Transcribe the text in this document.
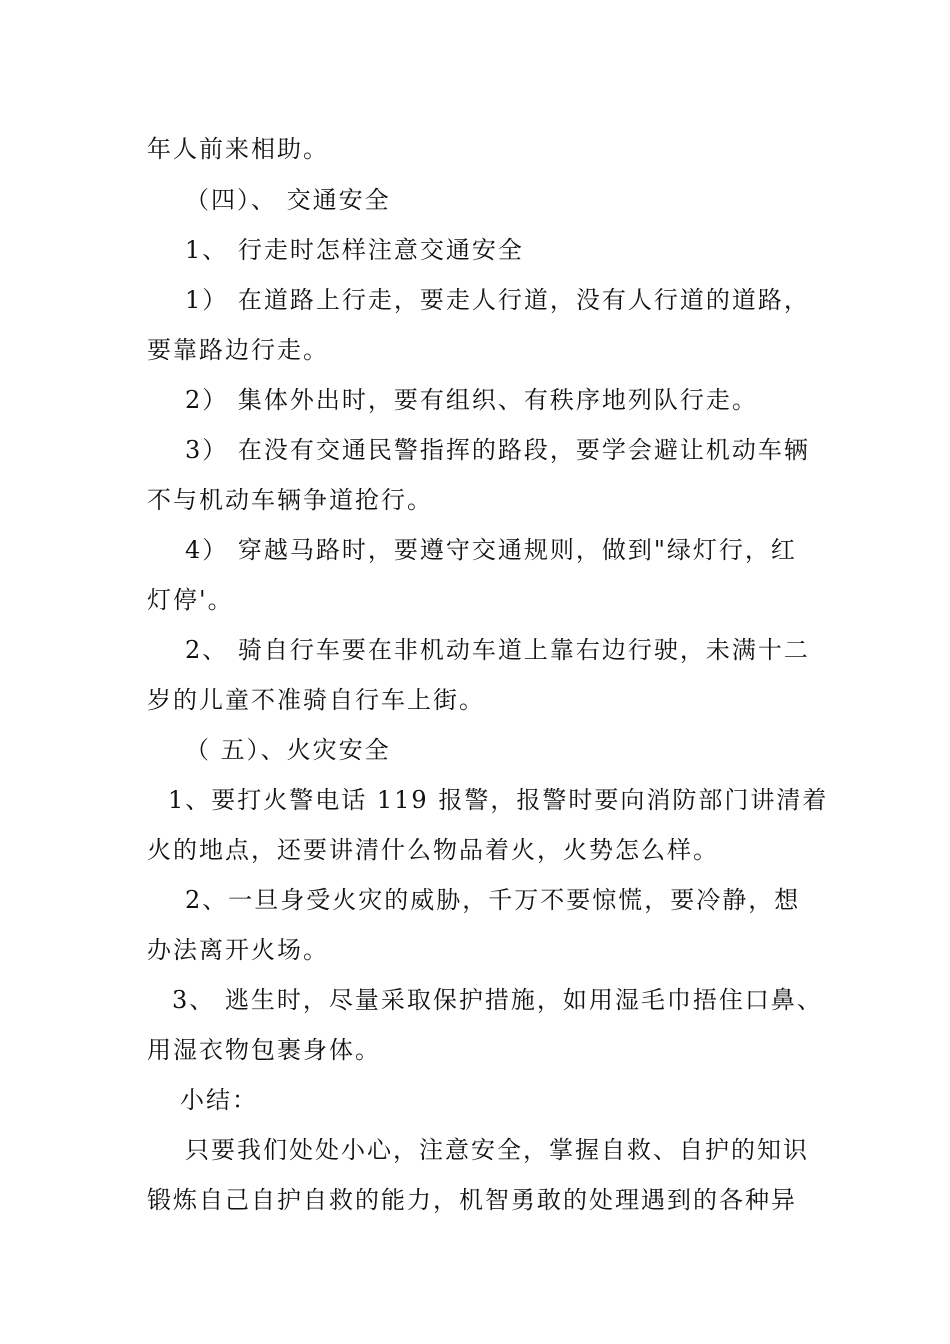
年人前来相助。
（四）、 交通安全
1、 行走时怎样注意交通安全
1） 在道路上行走，要走人行道，没有人行道的道路，
要靠路边行走。
2） 集体外出时，要有组织、有秩序地列队行走。
3） 在没有交通民警指挥的路段，要学会避让机动车辆
不与机动车辆争道抢行。
4） 穿越马路时，要遵守交通规则，做到"绿灯行，红
灯停'。
2、 骑自行车要在非机动车道上靠右边行驶，未满十二
岁的儿童不准骑自行车上街。
（ 五）、火灾安全
1、要打火警电话 119 报警，报警时要向消防部门讲清着
火的地点，还要讲清什么物品着火，火势怎么样。
2、一旦身受火灾的威胁，千万不要惊慌，要冷静，想
办法离开火场。
3、 逃生时，尽量采取保护措施，如用湿毛巾捂住口鼻、
用湿衣物包裹身体。
小结：
只要我们处处小心，注意安全，掌握自救、自护的知识
锻炼自己自护自救的能力，机智勇敢的处理遇到的各种异
